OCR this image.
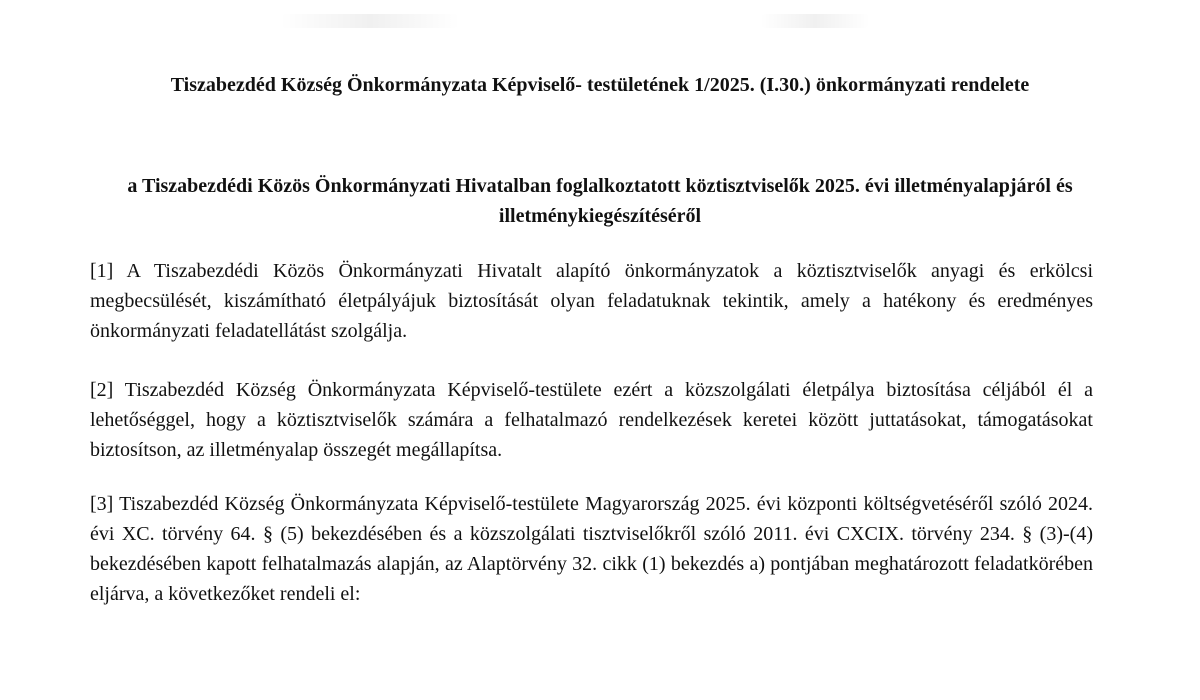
Tiszabezdéd Község Önkormányzata Képviselő- testületének 1/2025. (I.30.) önkormányzati rendelete
a Tiszabezdédi Közös Önkormányzati Hivatalban foglalkoztatott köztisztviselők 2025. évi illetményalapjáról és illetménykiegészítéséről

[1] A Tiszabezdédi Közös Önkormányzati Hivatalt alapító önkormányzatok a köztisztviselők anyagi és erkölcsi megbecsülését, kiszámítható életpályájuk biztosítását olyan feladatuknak tekintik, amely a hatékony és eredményes önkormányzati feladatellátást szolgálja.

[2] Tiszabezdéd Község Önkormányzata Képviselő-testülete ezért a közszolgálati életpálya biztosítása céljából él a lehetőséggel, hogy a köztisztviselők számára a felhatalmazó rendelkezések keretei között juttatásokat, támogatásokat biztosítson, az illetményalap összegét megállapítsa.

[3] Tiszabezdéd Község Önkormányzata Képviselő-testülete Magyarország 2025. évi központi költségvetéséről szóló 2024. évi XC. törvény 64. § (5) bekezdésében és a közszolgálati tisztviselőkről szóló 2011. évi CXCIX. törvény 234. § (3)-(4) bekezdésében kapott felhatalmazás alapján, az Alaptörvény 32. cikk (1) bekezdés a) pontjában meghatározott feladatkörében eljárva, a következőket rendeli el:
